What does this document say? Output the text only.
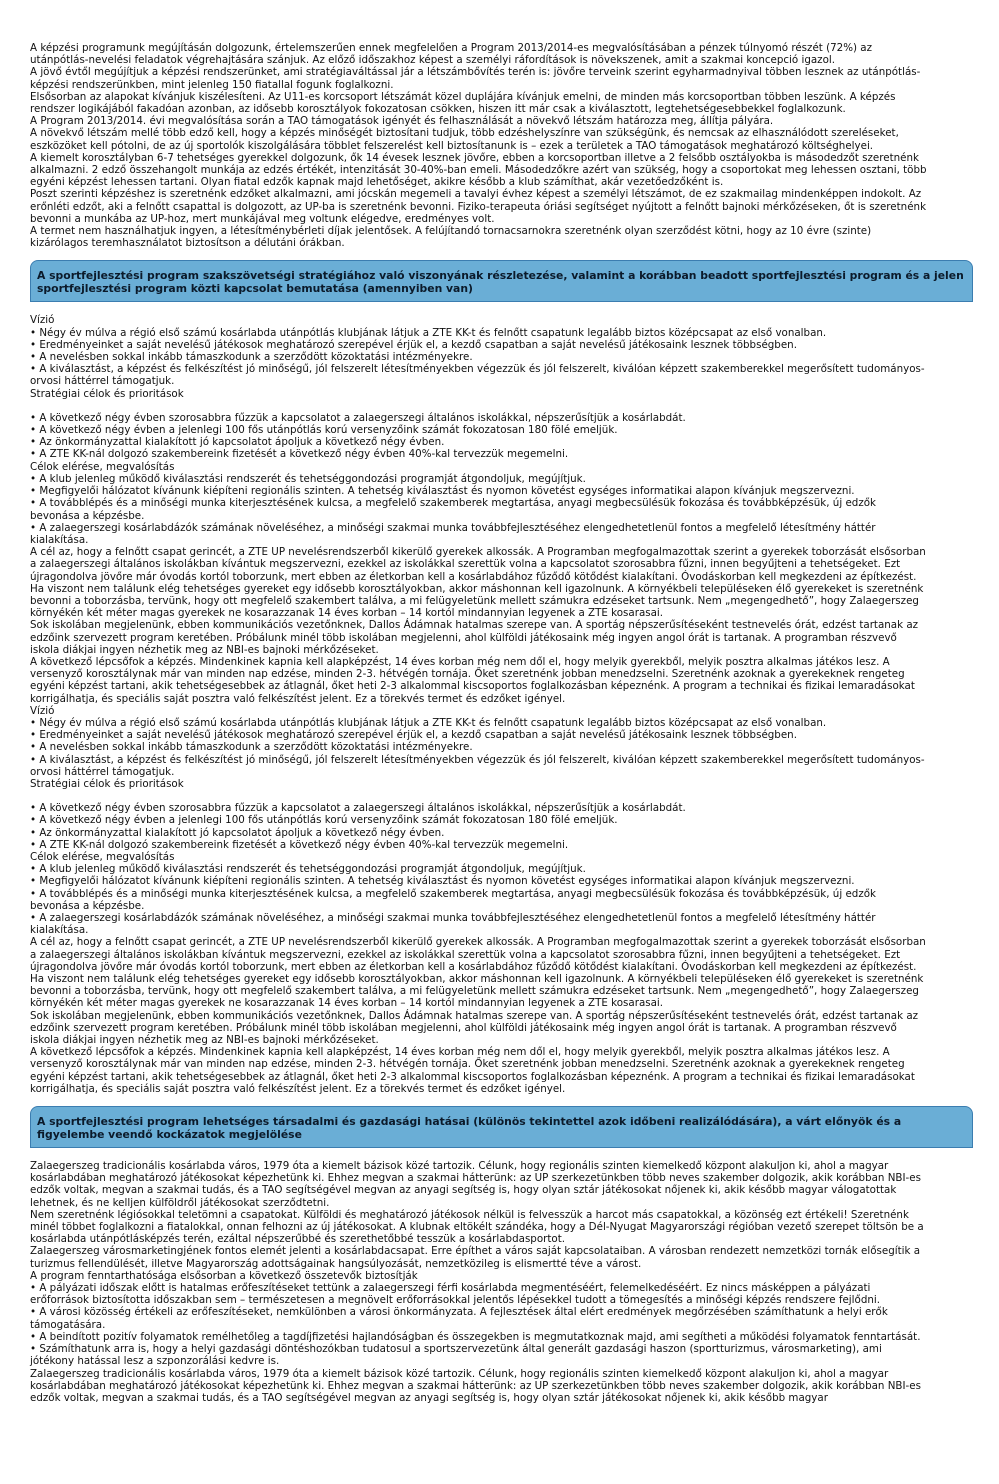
A képzési programunk megújításán dolgozunk, értelemszerűen ennek megfelelően a Program 2013/2014-es megvalósításában a pénzek túlnyomó részét (72%) az utánpótlás-nevelési feladatok végrehajtására szánjuk. Az előző időszakhoz képest a személyi ráfordítások is növekszenek, amit a szakmai koncepció igazol.

A jövő évtől megújítjuk a képzési rendszerünket, ami stratégiaváltással jár a létszámbővítés terén is: jövőre terveink szerint egyharmadnyival többen lesznek az utánpótlás-képzési rendszerünkben, mint jelenleg 150 fiatallal fogunk foglalkozni.

Elsősorban az alapokat kívánjuk kiszélesíteni. Az U11-es korcsoport létszámát közel duplájára kívánjuk emelni, de minden más korcsoportban többen leszünk. A képzés rendszer logikájából fakadóan azonban, az idősebb korosztályok fokozatosan csökken, hiszen itt már csak a kiválasztott, legtehetségesebbekkel foglalkozunk.

A Program 2013/2014. évi megvalósítása során a TAO támogatások igényét és felhasználását a növekvő létszám határozza meg, állítja pályára.

A növekvő létszám mellé több edző kell, hogy a képzés minőségét biztosítani tudjuk, több edzéshelyszínre van szükségünk, és nemcsak az elhasználódott szereléseket, eszközöket kell pótolni, de az új sportolók kiszolgálására többlet felszerelést kell biztosítanunk is – ezek a területek a TAO támogatások meghatározó költséghelyei.

A kiemelt korosztályban 6-7 tehetséges gyerekkel dolgozunk, ők 14 évesek lesznek jövőre, ebben a korcsoportban illetve a 2 felsőbb osztályokba is másodedzőt szeretnénk alkalmazni. 2 edző összehangolt munkája az edzés értékét, intenzitását 30-40%-ban emeli. Másodedzőkre azért van szükség, hogy a csoportokat meg lehessen osztani, több egyéni képzést lehessen tartani. Olyan fiatal edzők kapnak majd lehetőséget, akikre később a klub számíthat, akár vezetőedzőként is.

Poszt szerinti képzéshez is szeretnénk edzőket alkalmazni, ami jócskán megemeli a tavalyi évhez képest a személyi létszámot, de ez szakmailag mindenképpen indokolt. Az erőnléti edzőt, aki a felnőtt csapattal is dolgozott, az UP-ba is szeretnénk bevonni. Fiziko-terapeuta óriási segítséget nyújtott a felnőtt bajnoki mérkőzéseken, őt is szeretnénk bevonni a munkába az UP-hoz, mert munkájával meg voltunk elégedve, eredményes volt.

A termet nem használhatjuk ingyen, a létesítménybérleti díjak jelentősek. A felújítandó tornacsarnokra szeretnénk olyan szerződést kötni, hogy az 10 évre (szinte) kizárólagos teremhasználatot biztosítson a délutáni órákban.

A sportfejlesztési program szakszövetségi stratégiához való viszonyának részletezése, valamint a korábban beadott sportfejlesztési program és a jelen sportfejlesztési program közti kapcsolat bemutatása (amennyiben van)

Vízió

• Négy év múlva a régió első számú kosárlabda utánpótlás klubjának látjuk a ZTE KK-t és felnőtt csapatunk legalább biztos középcsapat az első vonalban.

• Eredményeinket a saját nevelésű játékosok meghatározó szerepével érjük el, a kezdő csapatban a saját nevelésű játékosaink lesznek többségben.

• A nevelésben sokkal inkább támaszkodunk a szerződött közoktatási intézményekre.

• A kiválasztást, a képzést és felkészítést jó minőségű, jól felszerelt létesítményekben végezzük és jól felszerelt, kiválóan képzett szakemberekkel megerősített tudományos-orvosi háttérrel támogatjuk.

Stratégiai célok és prioritások

• A következő négy évben szorosabbra fűzzük a kapcsolatot a zalaegerszegi általános iskolákkal, népszerűsítjük a kosárlabdát.

• A következő négy évben a jelenlegi 100 fős utánpótlás korú versenyzőink számát fokozatosan 180 fölé emeljük.

• Az önkormányzattal kialakított jó kapcsolatot ápoljuk a következő négy évben.

• A ZTE KK-nál dolgozó szakembereink fizetését a következő négy évben 40%-kal tervezzük megemelni.

Célok elérése, megvalósítás

• A klub jelenleg működő kiválasztási rendszerét és tehetséggondozási programját átgondoljuk, megújítjuk.

• Megfigyelői hálózatot kívánunk kiépíteni regionális szinten. A tehetség kiválasztást és nyomon követést egységes informatikai alapon kívánjuk megszervezni.

• A továbblépés és a minőségi munka kiterjesztésének kulcsa, a megfelelő szakemberek megtartása, anyagi megbecsülésük fokozása és továbbképzésük, új edzők bevonása a képzésbe.

• A zalaegerszegi kosárlabdázók számának növeléséhez, a minőségi szakmai munka továbbfejlesztéséhez elengedhetetlenül fontos a megfelelő létesítmény háttér kialakítása.

A cél az, hogy a felnőtt csapat gerincét, a ZTE UP nevelésrendszerből kikerülő gyerekek alkossák. A Programban megfogalmazottak szerint a gyerekek toborzását elsősorban a zalaegerszegi általános iskolákban kívántuk megszervezni, ezekkel az iskolákkal szerettük volna a kapcsolatot szorosabbra fűzni, innen begyűjteni a tehetségeket. Ezt újragondolva jövőre már óvodás kortól toborzunk, mert ebben az életkorban kell a kosárlabdához fűződő kötődést kialakítani. Óvodáskorban kell megkezdeni az építkezést. Ha viszont nem találunk elég tehetséges gyereket egy idősebb korosztályokban, akkor máshonnan kell igazolnunk. A környékbeli településeken élő gyerekeket is szeretnénk bevonni a toborzásba, tervünk, hogy ott megfelelő szakembert találva, a mi felügyeletünk mellett számukra edzéseket tartsunk. Nem „megengedhető”, hogy Zalaegerszeg környékén két méter magas gyerekek ne kosarazzanak 14 éves korban – 14 kortól mindannyian legyenek a ZTE kosarasai.

Sok iskolában megjelenünk, ebben kommunikációs vezetőnknek, Dallos Ádámnak hatalmas szerepe van. A sportág népszerűsítéseként testnevelés órát, edzést tartanak az edzőink szervezett program keretében. Próbálunk minél több iskolában megjelenni, ahol külföldi játékosaink még ingyen angol órát is tartanak. A programban részvevő iskola diákjai ingyen nézhetik meg az NBI-es bajnoki mérkőzéseket.

A következő lépcsőfok a képzés. Mindenkinek kapnia kell alapképzést, 14 éves korban még nem dől el, hogy melyik gyerekből, melyik posztra alkalmas játékos lesz. A versenyző korosztálynak már van minden nap edzése, minden 2-3. hétvégén tornája. Őket szeretnénk jobban menedzselni. Szeretnénk azoknak a gyerekeknek rengeteg egyéni képzést tartani, akik tehetségesebbek az átlagnál, őket heti 2-3 alkalommal kiscsoportos foglalkozásban képeznénk. A program a technikai és fizikai lemaradásokat korrigálhatja, és speciális saját posztra való felkészítést jelent. Ez a törekvés termet és edzőket igényel.

Vízió

• Négy év múlva a régió első számú kosárlabda utánpótlás klubjának látjuk a ZTE KK-t és felnőtt csapatunk legalább biztos középcsapat az első vonalban.

• Eredményeinket a saját nevelésű játékosok meghatározó szerepével érjük el, a kezdő csapatban a saját nevelésű játékosaink lesznek többségben.

• A nevelésben sokkal inkább támaszkodunk a szerződött közoktatási intézményekre.

• A kiválasztást, a képzést és felkészítést jó minőségű, jól felszerelt létesítményekben végezzük és jól felszerelt, kiválóan képzett szakemberekkel megerősített tudományos-orvosi háttérrel támogatjuk.

Stratégiai célok és prioritások

• A következő négy évben szorosabbra fűzzük a kapcsolatot a zalaegerszegi általános iskolákkal, népszerűsítjük a kosárlabdát.

• A következő négy évben a jelenlegi 100 fős utánpótlás korú versenyzőink számát fokozatosan 180 fölé emeljük.

• Az önkormányzattal kialakított jó kapcsolatot ápoljuk a következő négy évben.

• A ZTE KK-nál dolgozó szakembereink fizetését a következő négy évben 40%-kal tervezzük megemelni.

Célok elérése, megvalósítás

• A klub jelenleg működő kiválasztási rendszerét és tehetséggondozási programját átgondoljuk, megújítjuk.

• Megfigyelői hálózatot kívánunk kiépíteni regionális szinten. A tehetség kiválasztást és nyomon követést egységes informatikai alapon kívánjuk megszervezni.

• A továbblépés és a minőségi munka kiterjesztésének kulcsa, a megfelelő szakemberek megtartása, anyagi megbecsülésük fokozása és továbbképzésük, új edzők bevonása a képzésbe.

• A zalaegerszegi kosárlabdázók számának növeléséhez, a minőségi szakmai munka továbbfejlesztéséhez elengedhetetlenül fontos a megfelelő létesítmény háttér kialakítása.

A cél az, hogy a felnőtt csapat gerincét, a ZTE UP nevelésrendszerből kikerülő gyerekek alkossák. A Programban megfogalmazottak szerint a gyerekek toborzását elsősorban a zalaegerszegi általános iskolákban kívántuk megszervezni, ezekkel az iskolákkal szerettük volna a kapcsolatot szorosabbra fűzni, innen begyűjteni a tehetségeket. Ezt újragondolva jövőre már óvodás kortól toborzunk, mert ebben az életkorban kell a kosárlabdához fűződő kötődést kialakítani. Óvodáskorban kell megkezdeni az építkezést. Ha viszont nem találunk elég tehetséges gyereket egy idősebb korosztályokban, akkor máshonnan kell igazolnunk. A környékbeli településeken élő gyerekeket is szeretnénk bevonni a toborzásba, tervünk, hogy ott megfelelő szakembert találva, a mi felügyeletünk mellett számukra edzéseket tartsunk. Nem „megengedhető”, hogy Zalaegerszeg környékén két méter magas gyerekek ne kosarazzanak 14 éves korban – 14 kortól mindannyian legyenek a ZTE kosarasai.

Sok iskolában megjelenünk, ebben kommunikációs vezetőnknek, Dallos Ádámnak hatalmas szerepe van. A sportág népszerűsítéseként testnevelés órát, edzést tartanak az edzőink szervezett program keretében. Próbálunk minél több iskolában megjelenni, ahol külföldi játékosaink még ingyen angol órát is tartanak. A programban részvevő iskola diákjai ingyen nézhetik meg az NBI-es bajnoki mérkőzéseket.

A következő lépcsőfok a képzés. Mindenkinek kapnia kell alapképzést, 14 éves korban még nem dől el, hogy melyik gyerekből, melyik posztra alkalmas játékos lesz. A versenyző korosztálynak már van minden nap edzése, minden 2-3. hétvégén tornája. Őket szeretnénk jobban menedzselni. Szeretnénk azoknak a gyerekeknek rengeteg egyéni képzést tartani, akik tehetségesebbek az átlagnál, őket heti 2-3 alkalommal kiscsoportos foglalkozásban képeznénk. A program a technikai és fizikai lemaradásokat korrigálhatja, és speciális saját posztra való felkészítést jelent. Ez a törekvés termet és edzőket igényel.

A sportfejlesztési program lehetséges társadalmi és gazdasági hatásai (különös tekintettel azok időbeni realizálódására), a várt előnyök és a figyelembe veendő kockázatok megjelölése

Zalaegerszeg tradicionális kosárlabda város, 1979 óta a kiemelt bázisok közé tartozik. Célunk, hogy regionális szinten kiemelkedő központ alakuljon ki, ahol a magyar kosárlabdában meghatározó játékosokat képezhetünk ki. Ehhez megvan a szakmai hátterünk: az UP szerkezetünkben több neves szakember dolgozik, akik korábban NBI-es edzők voltak, megvan a szakmai tudás, és a TAO segítségével megvan az anyagi segítség is, hogy olyan sztár játékosokat nőjenek ki, akik később magyar válogatottak lehetnek, és ne kelljen külföldről játékosokat szerződtetni.

Nem szeretnénk légiósokkal teletömni a csapatokat. Külföldi és meghatározó játékosok nélkül is felvesszük a harcot más csapatokkal, a közönség ezt értékeli! Szeretnénk minél többet foglalkozni a fiatalokkal, onnan felhozni az új játékosokat. A klubnak eltökélt szándéka, hogy a Dél-Nyugat Magyarországi régióban vezető szerepet töltsön be a kosárlabda utánpótlásképzés terén, ezáltal népszerűbbé és szerethetőbbé tesszük a kosárlabdasportot.

Zalaegerszeg városmarketingjének fontos elemét jelenti a kosárlabdacsapat. Erre építhet a város saját kapcsolataiban. A városban rendezett nemzetközi tornák elősegítik a turizmus fellendülését, illetve Magyarország adottságainak hangsúlyozását, nemzetközileg is elismertté téve a várost.

A program fenntarthatósága elsősorban a következő összetevők biztosítják

• A pályázati időszak előtt is hatalmas erőfeszítéseket tettünk a zalaegerszegi férfi kosárlabda megmentéséért, felemelkedéséért. Ez nincs másképpen a pályázati erőforrások biztosította időszakban sem – természetesen a megnövelt erőforrásokkal jelentős lépésekkel tudott a tömegesítés a minőségi képzés rendszere fejlődni.

• A városi közösség értékeli az erőfeszítéseket, nemkülönben a városi önkormányzata. A fejlesztések által elért eredmények megőrzésében számíthatunk a helyi erők támogatására.

• A beindított pozitív folyamatok remélhetőleg a tagdíjfizetési hajlandóságban és összegekben is megmutatkoznak majd, ami segítheti a működési folyamatok fenntartását.

• Számíthatunk arra is, hogy a helyi gazdasági döntéshozókban tudatosul a sportszervezetünk által generált gazdasági haszon (sportturizmus, városmarketing), ami jótékony hatással lesz a szponzorálási kedvre is.

Zalaegerszeg tradicionális kosárlabda város, 1979 óta a kiemelt bázisok közé tartozik. Célunk, hogy regionális szinten kiemelkedő központ alakuljon ki, ahol a magyar kosárlabdában meghatározó játékosokat képezhetünk ki. Ehhez megvan a szakmai hátterünk: az UP szerkezetünkben több neves szakember dolgozik, akik korábban NBI-es edzők voltak, megvan a szakmai tudás, és a TAO segítségével megvan az anyagi segítség is, hogy olyan sztár játékosokat nőjenek ki, akik később magyar
